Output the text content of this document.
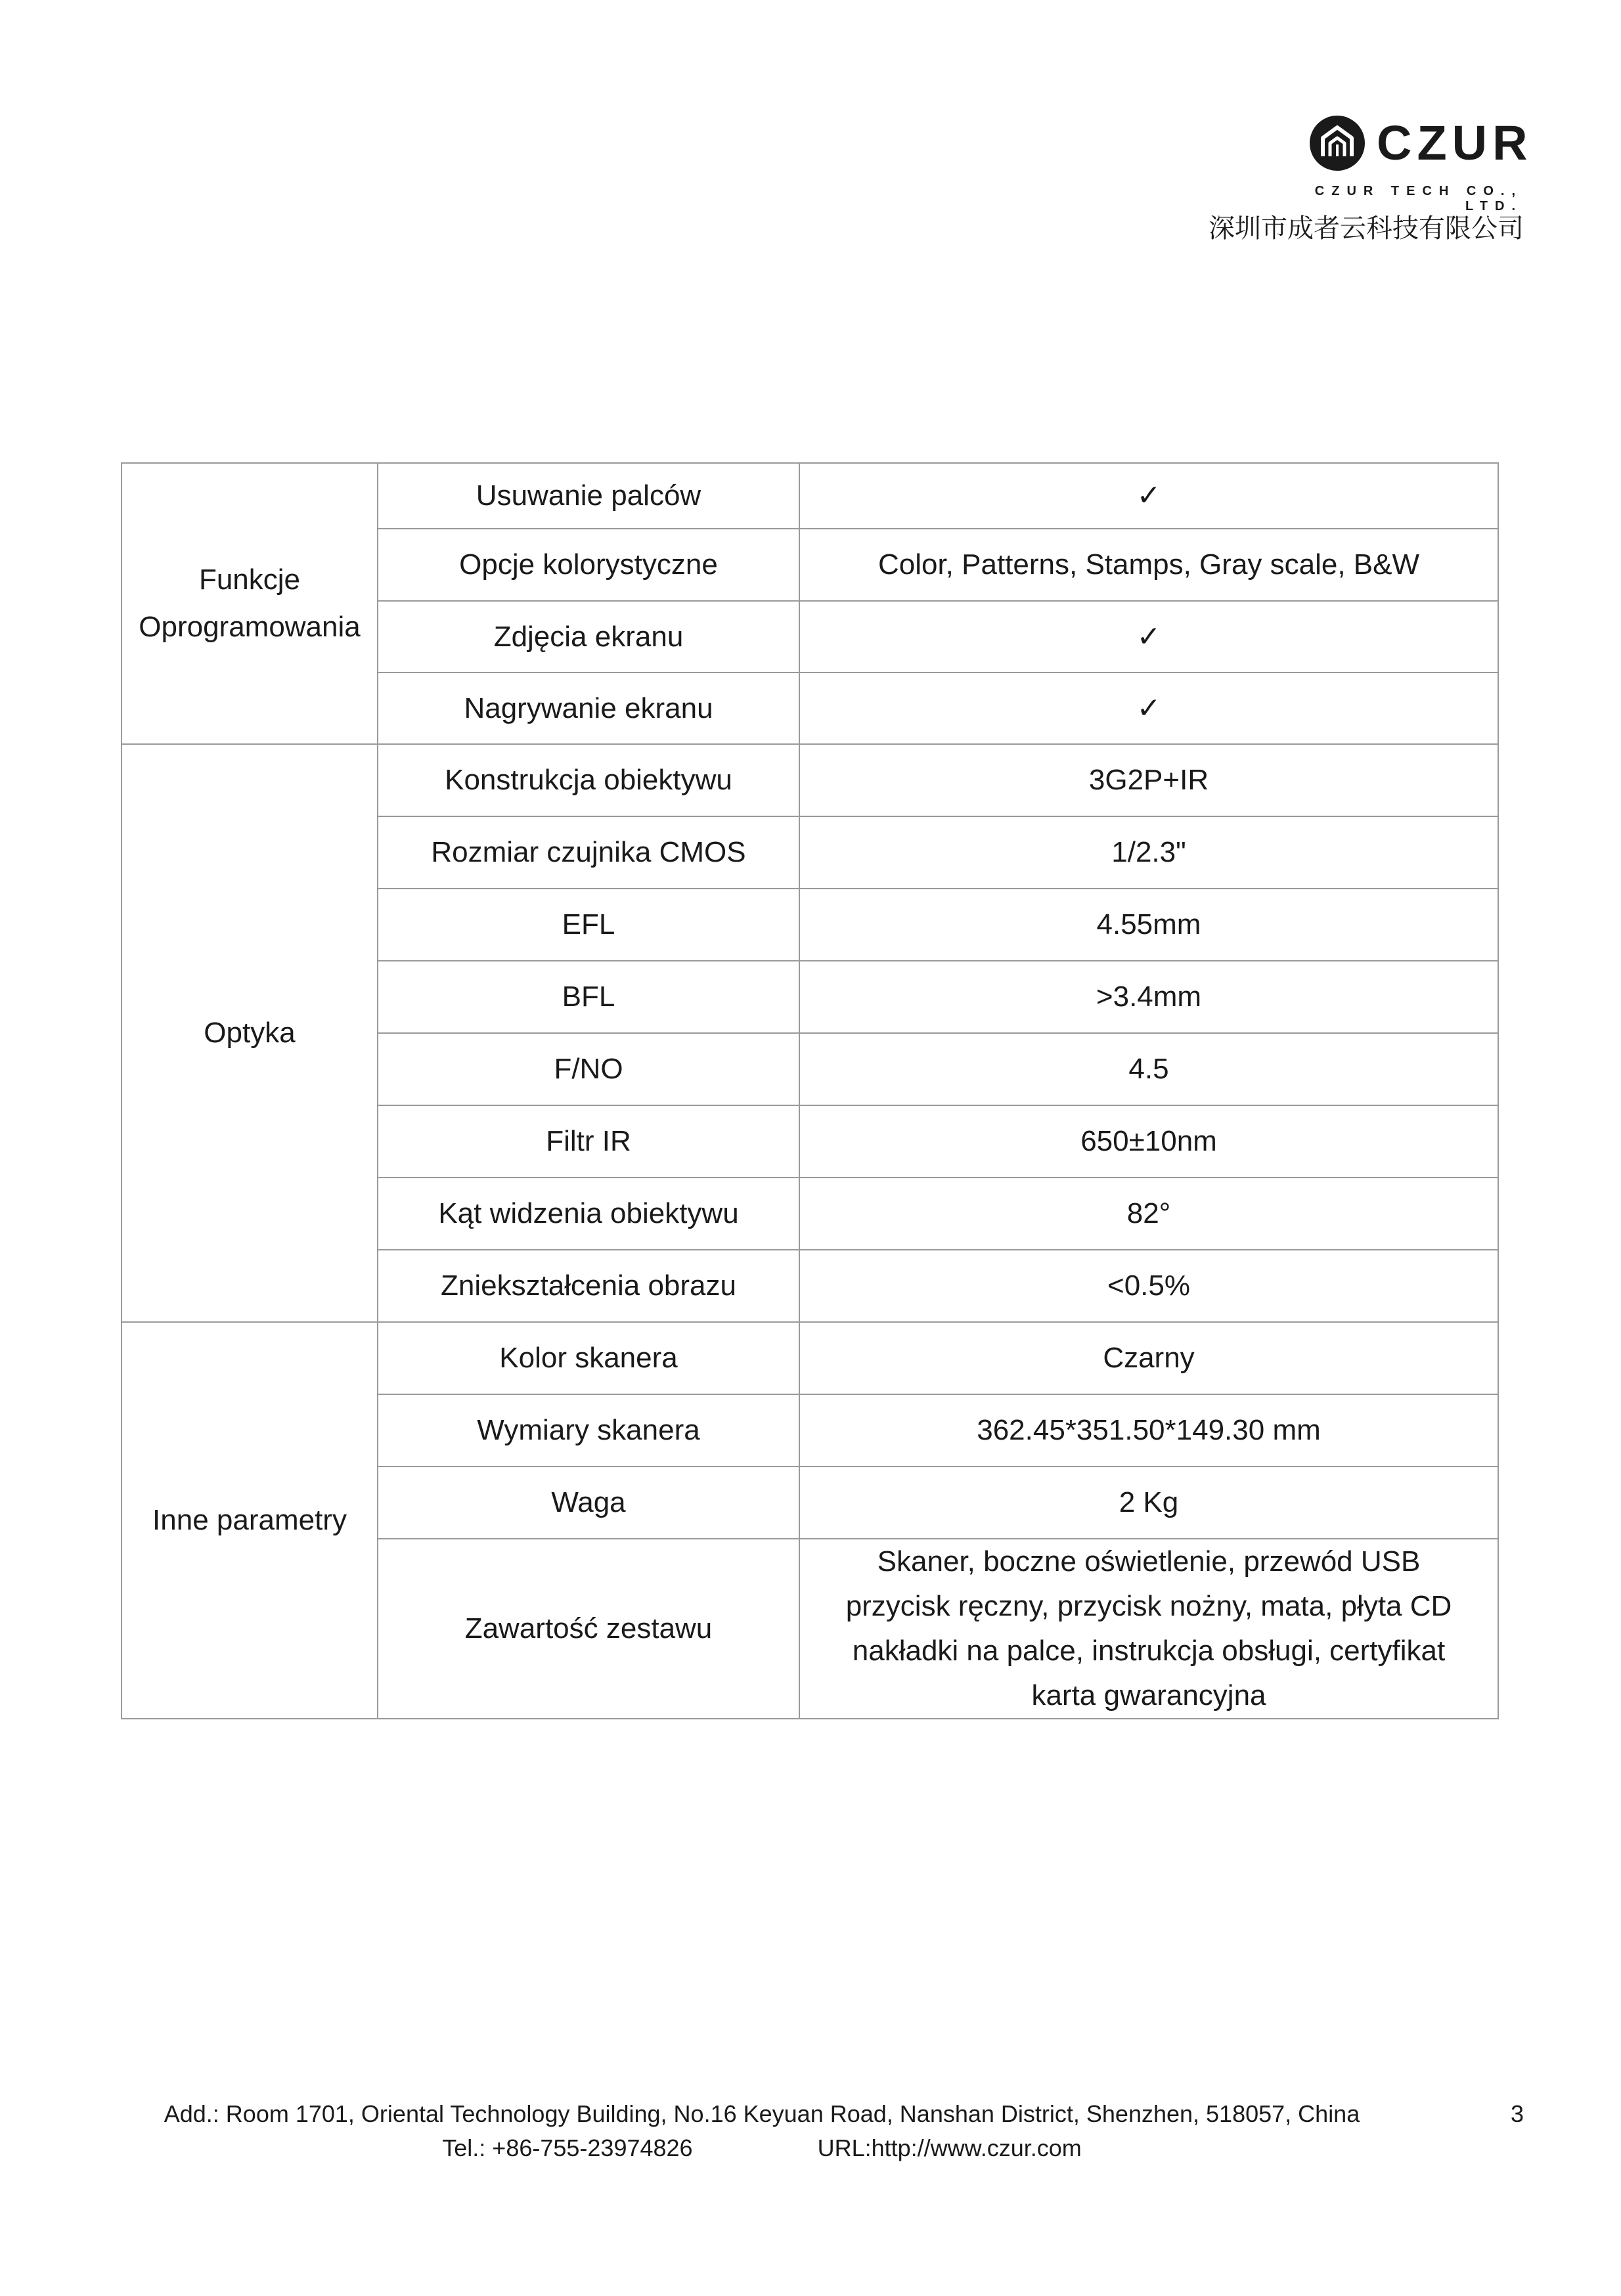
CZUR
CZUR TECH CO., LTD.
深圳市成者云科技有限公司
Funkcje
Oprogramowania	Usuwanie palców	✓
	Opcje kolorystyczne	Color, Patterns, Stamps, Gray scale, B&W
	Zdjęcia ekranu	✓
	Nagrywanie ekranu	✓
Optyka	Konstrukcja obiektywu	3G2P+IR
	Rozmiar czujnika CMOS	1/2.3"
	EFL	4.55mm
	BFL	>3.4mm
	F/NO	4.5
	Filtr IR	650±10nm
	Kąt widzenia obiektywu	82°
	Zniekształcenia obrazu	<0.5%
Inne parametry	Kolor skanera	Czarny
	Wymiary skanera	362.45*351.50*149.30 mm
	Waga	2 Kg
	Zawartość zestawu	Skaner, boczne oświetlenie, przewód USB
przycisk ręczny, przycisk nożny, mata, płyta CD
nakładki na palce, instrukcja obsługi, certyfikat
karta gwarancyjna
Add.: Room 1701, Oriental Technology Building, No.16 Keyuan Road, Nanshan District, Shenzhen, 518057, China
Tel.: +86-755-23974826	URL:http://www.czur.com
3
